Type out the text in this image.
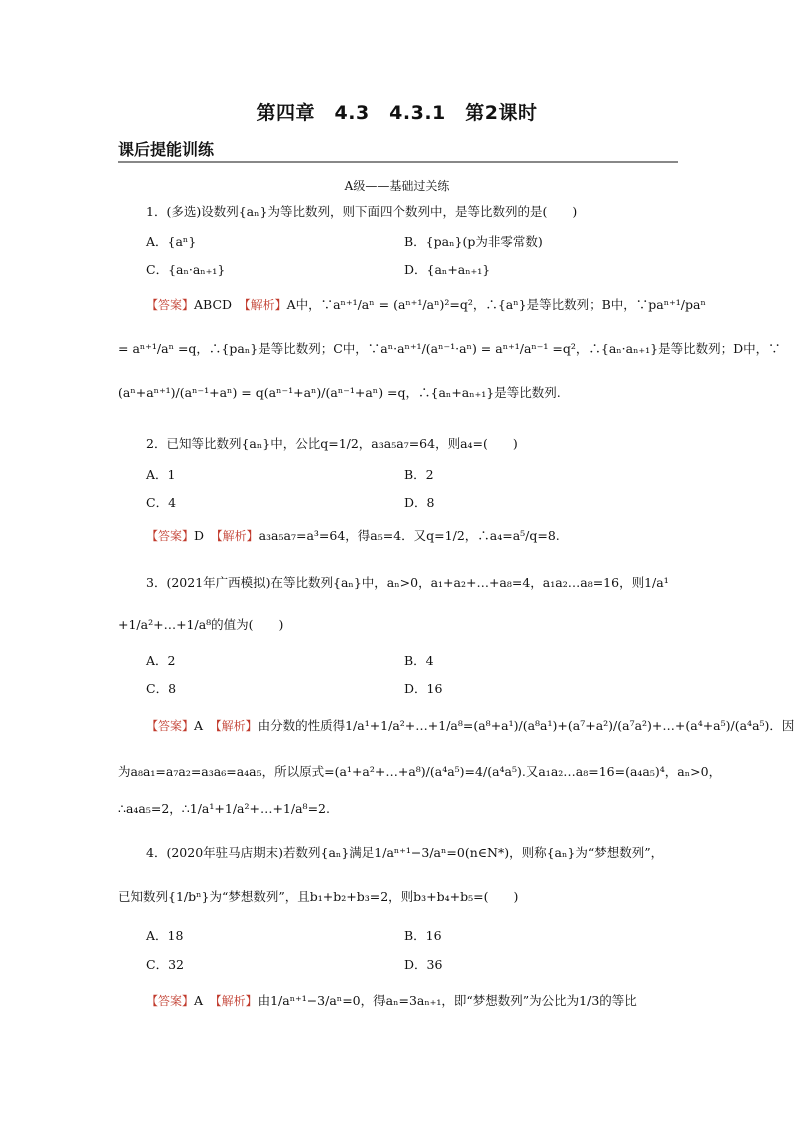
第四章　4.3　4.3.1　第2课时
课后提能训练
A级——基础过关练
1．(多选)设数列{aₙ}为等比数列，则下面四个数列中，是等比数列的是(　　)
A．{aⁿ}	B．{paₙ}(p为非零常数)
C．{aₙ·aₙ₊₁}	D．{aₙ+aₙ₊₁}
【答案】ABCD　 【解析】A中，∵aⁿ⁺¹/aⁿ = (aⁿ⁺¹/aⁿ)²=q²，∴{aⁿ}是等比数列；B中，∵paⁿ⁺¹/paⁿ
= aⁿ⁺¹/aⁿ =q，∴{paₙ}是等比数列；C中，∵aⁿ·aⁿ⁺¹/(aⁿ⁻¹·aⁿ) = aⁿ⁺¹/aⁿ⁻¹ =q²，∴{aₙ·aₙ₊₁}是等比数列；D中，∵
(aⁿ+aⁿ⁺¹)/(aⁿ⁻¹+aⁿ) = q(aⁿ⁻¹+aⁿ)/(aⁿ⁻¹+aⁿ) =q，∴{aₙ+aₙ₊₁}是等比数列.
2．已知等比数列{aₙ}中，公比q=1/2，a₃a₅a₇=64，则a₄=(　　)
A．1	B．2
C．4	D．8
【答案】D　 【解析】a₃a₅a₇=a³=64，得a₅=4．又q=1/2，∴a₄=a⁵/q=8.
3．(2021年广西模拟)在等比数列{aₙ}中，aₙ>0，a₁+a₂+…+a₈=4，a₁a₂…a₈=16，则1/a¹
+1/a²+…+1/a⁸的值为(　　)
A．2	B．4
C．8	D．16
【答案】A　 【解析】由分数的性质得1/a¹+1/a²+…+1/a⁸=(a⁸+a¹)/(a⁸a¹)+(a⁷+a²)/(a⁷a²)+…+(a⁴+a⁵)/(a⁴a⁵)．因
为a₈a₁=a₇a₂=a₃a₆=a₄a₅，所以原式=(a¹+a²+…+a⁸)/(a⁴a⁵)=4/(a⁴a⁵).又a₁a₂…a₈=16=(a₄a₅)⁴，aₙ>0，
∴a₄a₅=2，∴1/a¹+1/a²+…+1/a⁸=2.
4．(2020年驻马店期末)若数列{aₙ}满足1/aⁿ⁺¹−3/aⁿ=0(n∈N*)，则称{aₙ}为“梦想数列”，
已知数列{1/bⁿ}为“梦想数列”，且b₁+b₂+b₃=2，则b₃+b₄+b₅=(　　)
A．18	B．16
C．32	D．36
【答案】A　 【解析】由1/aⁿ⁺¹−3/aⁿ=0，得aₙ=3aₙ₊₁，即“梦想数列”为公比为1/3的等比
